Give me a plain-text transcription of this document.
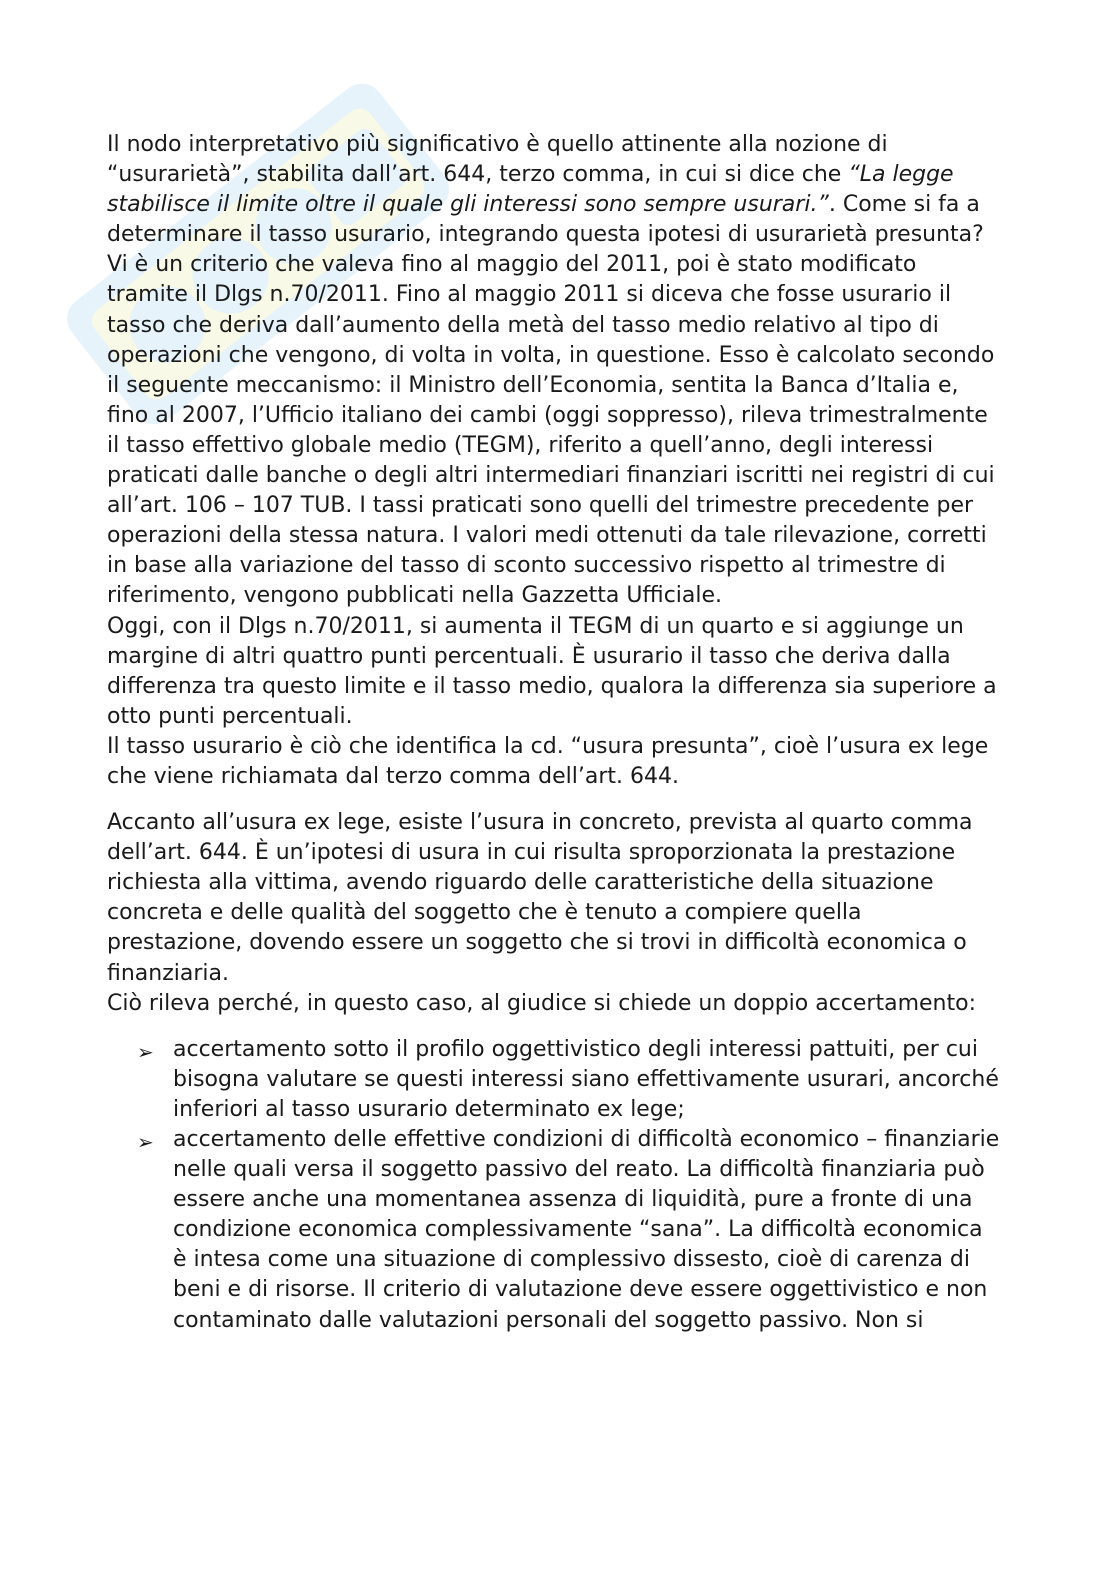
Il nodo interpretativo più significativo è quello attinente alla nozione di “usurarietà”, stabilita dall’art. 644, terzo comma, in cui si dice che “La legge stabilisce il limite oltre il quale gli interessi sono sempre usurari.”. Come si fa a determinare il tasso usurario, integrando questa ipotesi di usurarietà presunta? Vi è un criterio che valeva fino al maggio del 2011, poi è stato modificato tramite il Dlgs n.70/2011. Fino al maggio 2011 si diceva che fosse usurario il tasso che deriva dall’aumento della metà del tasso medio relativo al tipo di operazioni che vengono, di volta in volta, in questione. Esso è calcolato secondo il seguente meccanismo: il Ministro dell’Economia, sentita la Banca d’Italia e, fino al 2007, l’Ufficio italiano dei cambi (oggi soppresso), rileva trimestralmente il tasso effettivo globale medio (TEGM), riferito a quell’anno, degli interessi praticati dalle banche o degli altri intermediari finanziari iscritti nei registri di cui all’art. 106 – 107 TUB. I tassi praticati sono quelli del trimestre precedente per operazioni della stessa natura. I valori medi ottenuti da tale rilevazione, corretti in base alla variazione del tasso di sconto successivo rispetto al trimestre di riferimento, vengono pubblicati nella Gazzetta Ufficiale.

Oggi, con il Dlgs n.70/2011, si aumenta il TEGM di un quarto e si aggiunge un margine di altri quattro punti percentuali. È usurario il tasso che deriva dalla differenza tra questo limite e il tasso medio, qualora la differenza sia superiore a otto punti percentuali.

Il tasso usurario è ciò che identifica la cd. “usura presunta”, cioè l’usura ex lege che viene richiamata dal terzo comma dell’art. 644.

Accanto all’usura ex lege, esiste l’usura in concreto, prevista al quarto comma dell’art. 644. È un’ipotesi di usura in cui risulta sproporzionata la prestazione richiesta alla vittima, avendo riguardo delle caratteristiche della situazione concreta e delle qualità del soggetto che è tenuto a compiere quella prestazione, dovendo essere un soggetto che si trovi in difficoltà economica o finanziaria.

Ciò rileva perché, in questo caso, al giudice si chiede un doppio accertamento:

➢ accertamento sotto il profilo oggettivistico degli interessi pattuiti, per cui bisogna valutare se questi interessi siano effettivamente usurari, ancorché inferiori al tasso usurario determinato ex lege;
➢ accertamento delle effettive condizioni di difficoltà economico – finanziarie nelle quali versa il soggetto passivo del reato. La difficoltà finanziaria può essere anche una momentanea assenza di liquidità, pure a fronte di una condizione economica complessivamente “sana”. La difficoltà economica è intesa come una situazione di complessivo dissesto, cioè di carenza di beni e di risorse. Il criterio di valutazione deve essere oggettivistico e non contaminato dalle valutazioni personali del soggetto passivo. Non si
